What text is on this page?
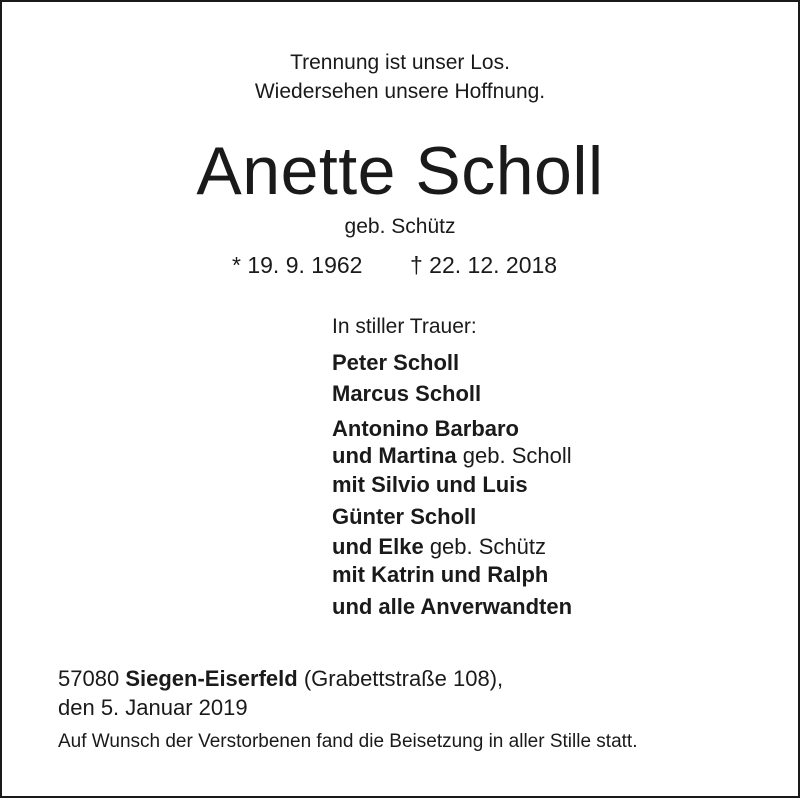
Trennung ist unser Los.
Wiedersehen unsere Hoffnung.
Anette Scholl
geb. Schütz
* 19. 9. 1962 † 22. 12. 2018
In stiller Trauer:
Peter Scholl
Marcus Scholl
Antonino Barbaro
und Martina geb. Scholl
mit Silvio und Luis
Günter Scholl
und Elke geb. Schütz
mit Katrin und Ralph
und alle Anverwandten
57080 Siegen-Eiserfeld (Grabettstraße 108),
den 5. Januar 2019
Auf Wunsch der Verstorbenen fand die Beisetzung in aller Stille statt.
